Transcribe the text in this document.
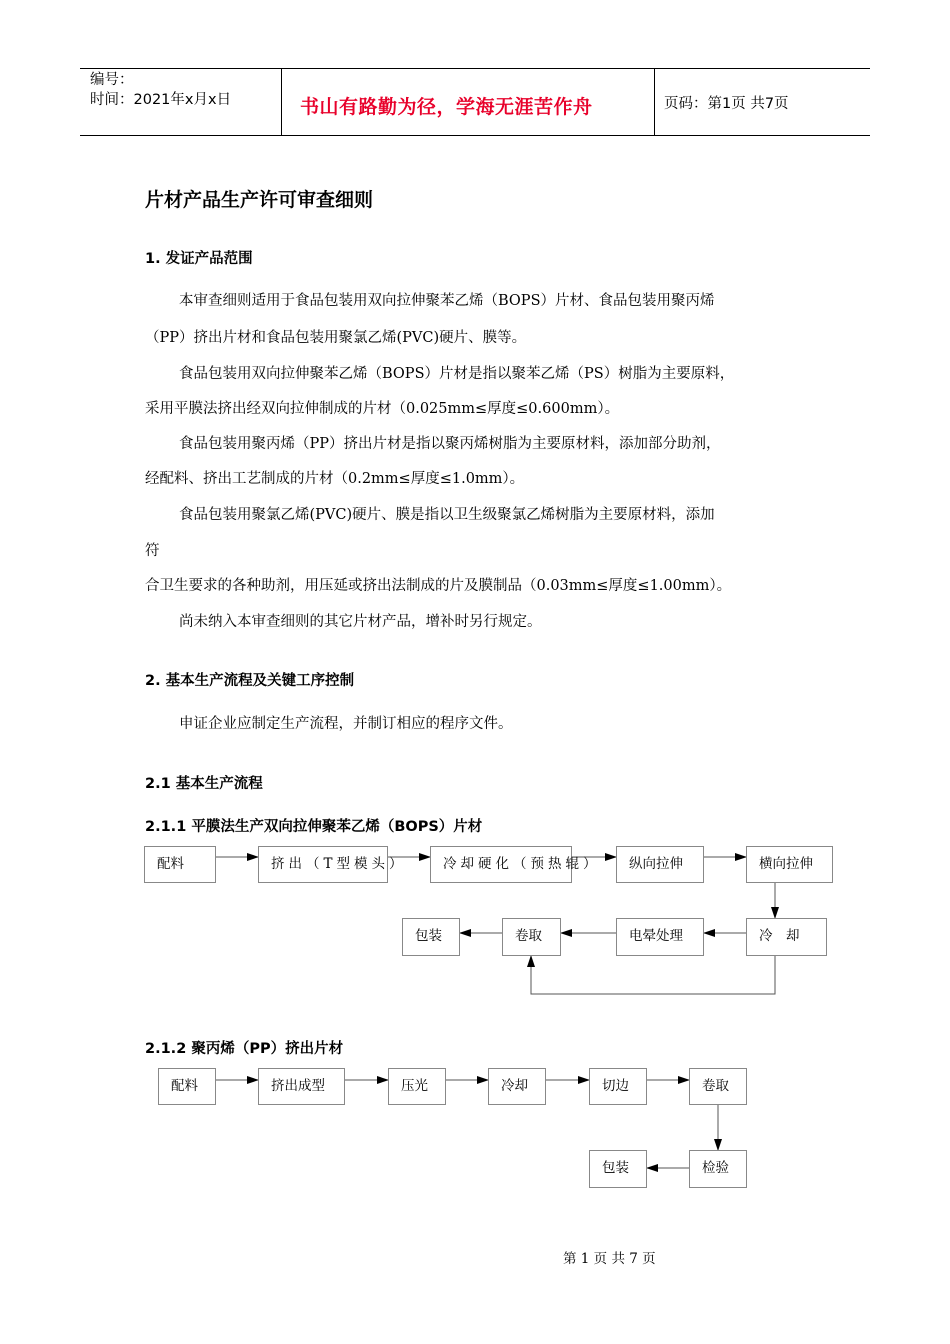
编号：
时间：2021年x月x日	书山有路勤为径，学海无涯苦作舟	页码：第1页 共7页
片材产品生产许可审查细则
1. 发证产品范围
本审查细则适用于食品包装用双向拉伸聚苯乙烯（BOPS）片材、食品包装用聚丙烯
（PP）挤出片材和食品包装用聚氯乙烯(PVC)硬片、膜等。
食品包装用双向拉伸聚苯乙烯（BOPS）片材是指以聚苯乙烯（PS）树脂为主要原料，
采用平膜法挤出经双向拉伸制成的片材（0.025mm≤厚度≤0.600mm）。
食品包装用聚丙烯（PP）挤出片材是指以聚丙烯树脂为主要原材料，添加部分助剂，
经配料、挤出工艺制成的片材（0.2mm≤厚度≤1.0mm）。
食品包装用聚氯乙烯(PVC)硬片、膜是指以卫生级聚氯乙烯树脂为主要原材料，添加
符
合卫生要求的各种助剂，用压延或挤出法制成的片及膜制品（0.03mm≤厚度≤1.00mm）。
尚未纳入本审查细则的其它片材产品，增补时另行规定。
2. 基本生产流程及关键工序控制
申证企业应制定生产流程，并制订相应的程序文件。
2.1 基本生产流程
2.1.1 平膜法生产双向拉伸聚苯乙烯（BOPS）片材
配料	挤出（T型模头）	冷却硬化（预热辊）	纵向拉伸	横向拉伸
包装	卷取	电晕处理	冷　却
2.1.2 聚丙烯（PP）挤出片材
配料	挤出成型	压光	冷却	切边	卷取
包装	检验
第 1 页 共 7 页
